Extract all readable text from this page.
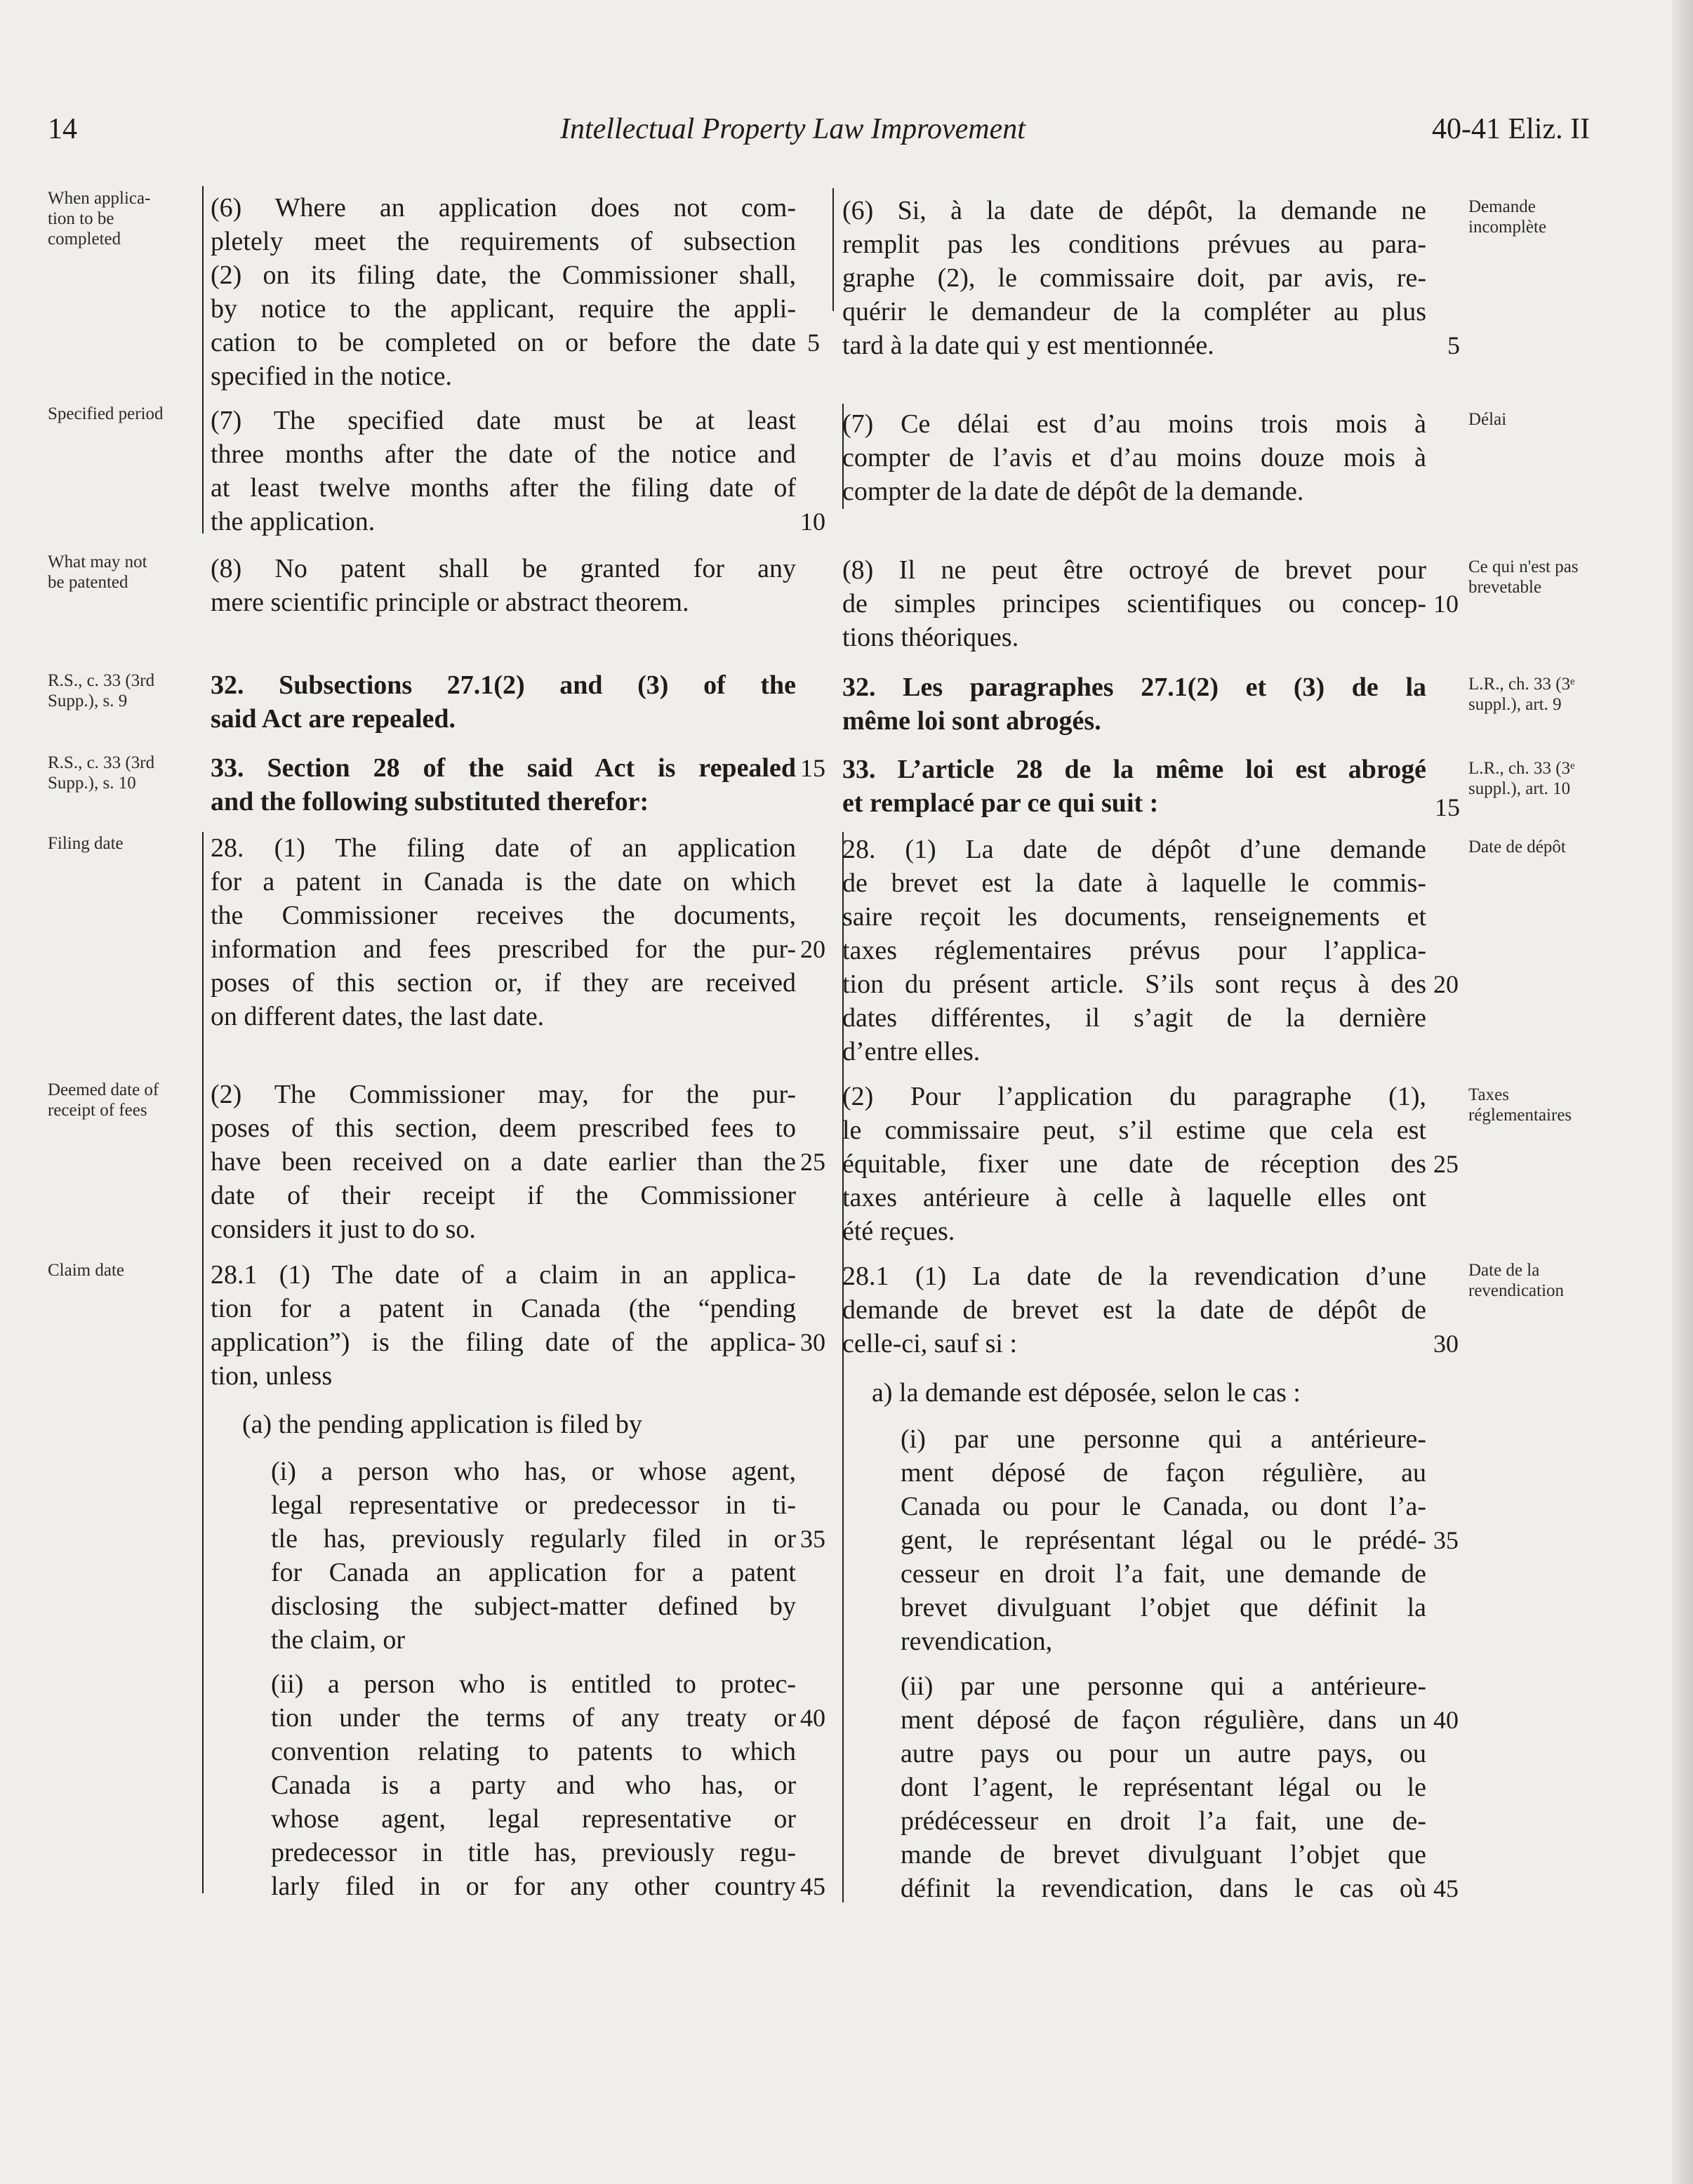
14	Intellectual Property Law Improvement	40-41 Eliz. II
When applica-
tion to be
completed
Specified period
What may not
be patented
R.S., c. 33 (3rd
Supp.), s. 9
R.S., c. 33 (3rd
Supp.), s. 10
Filing date
Deemed date of
receipt of fees
Claim date
Demande
incomplète
Délai
Ce qui n'est pas
brevetable
L.R., ch. 33 (3ᵉ
suppl.), art. 9
L.R., ch. 33 (3ᵉ
suppl.), art. 10
Date de dépôt
Taxes
réglementaires
Date de la
revendication
(6) Where an application does not com-
pletely meet the requirements of subsection
(2) on its filing date, the Commissioner shall,
by notice to the applicant, require the appli-
cation to be completed on or before the date
specified in the notice.
(7) The specified date must be at least
three months after the date of the notice and
at least twelve months after the filing date of
the application.
(8) No patent shall be granted for any
mere scientific principle or abstract theorem.
32. Subsections 27.1(2) and (3) of the
said Act are repealed.
33. Section 28 of the said Act is repealed
and the following substituted therefor:
28. (1) The filing date of an application
for a patent in Canada is the date on which
the Commissioner receives the documents,
information and fees prescribed for the pur-
poses of this section or, if they are received
on different dates, the last date.
(2) The Commissioner may, for the pur-
poses of this section, deem prescribed fees to
have been received on a date earlier than the
date of their receipt if the Commissioner
considers it just to do so.
28.1 (1) The date of a claim in an applica-
tion for a patent in Canada (the “pending
application”) is the filing date of the applica-
tion, unless
(a) the pending application is filed by
(i) a person who has, or whose agent,
legal representative or predecessor in ti-
tle has, previously regularly filed in or
for Canada an application for a patent
disclosing the subject-matter defined by
the claim, or
(ii) a person who is entitled to protec-
tion under the terms of any treaty or
convention relating to patents to which
Canada is a party and who has, or
whose agent, legal representative or
predecessor in title has, previously regu-
larly filed in or for any other country
5
10
15
20
25
30
35
40
45
(6) Si, à la date de dépôt, la demande ne
remplit pas les conditions prévues au para-
graphe (2), le commissaire doit, par avis, re-
quérir le demandeur de la compléter au plus
tard à la date qui y est mentionnée.
(7) Ce délai est d’au moins trois mois à
compter de l’avis et d’au moins douze mois à
compter de la date de dépôt de la demande.
(8) Il ne peut être octroyé de brevet pour
de simples principes scientifiques ou concep-
tions théoriques.
32. Les paragraphes 27.1(2) et (3) de la
même loi sont abrogés.
33. L’article 28 de la même loi est abrogé
et remplacé par ce qui suit :
28. (1) La date de dépôt d’une demande
de brevet est la date à laquelle le commis-
saire reçoit les documents, renseignements et
taxes réglementaires prévus pour l’applica-
tion du présent article. S’ils sont reçus à des
dates différentes, il s’agit de la dernière
d’entre elles.
(2) Pour l’application du paragraphe (1),
le commissaire peut, s’il estime que cela est
équitable, fixer une date de réception des
taxes antérieure à celle à laquelle elles ont
été reçues.
28.1 (1) La date de la revendication d’une
demande de brevet est la date de dépôt de
celle-ci, sauf si :
a) la demande est déposée, selon le cas :
(i) par une personne qui a antérieure-
ment déposé de façon régulière, au
Canada ou pour le Canada, ou dont l’a-
gent, le représentant légal ou le prédé-
cesseur en droit l’a fait, une demande de
brevet divulguant l’objet que définit la
revendication,
(ii) par une personne qui a antérieure-
ment déposé de façon régulière, dans un
autre pays ou pour un autre pays, ou
dont l’agent, le représentant légal ou le
prédécesseur en droit l’a fait, une de-
mande de brevet divulguant l’objet que
définit la revendication, dans le cas où
5
10
15
20
25
30
35
40
45
